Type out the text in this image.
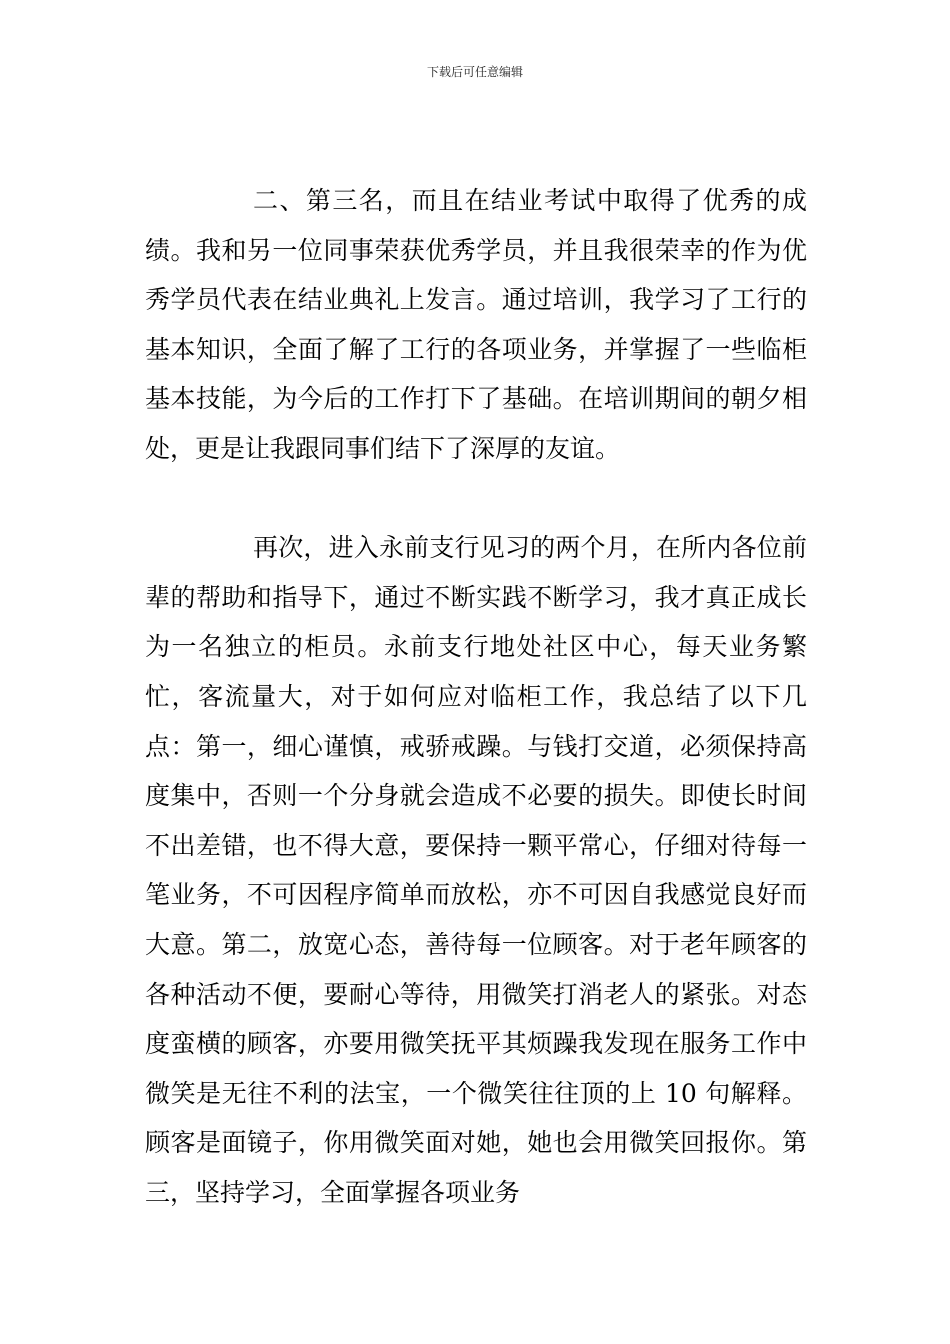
下载后可任意编辑

二、第三名，而且在结业考试中取得了优秀的成绩。我和另一位同事荣获优秀学员，并且我很荣幸的作为优秀学员代表在结业典礼上发言。通过培训，我学习了工行的基本知识，全面了解了工行的各项业务，并掌握了一些临柜基本技能，为今后的工作打下了基础。在培训期间的朝夕相处，更是让我跟同事们结下了深厚的友谊。

再次，进入永前支行见习的两个月，在所内各位前辈的帮助和指导下，通过不断实践不断学习，我才真正成长为一名独立的柜员。永前支行地处社区中心，每天业务繁忙，客流量大，对于如何应对临柜工作，我总结了以下几点：第一，细心谨慎，戒骄戒躁。与钱打交道，必须保持高度集中，否则一个分身就会造成不必要的损失。即使长时间不出差错，也不得大意，要保持一颗平常心，仔细对待每一笔业务，不可因程序简单而放松，亦不可因自我感觉良好而大意。第二，放宽心态，善待每一位顾客。对于老年顾客的各种活动不便，要耐心等待，用微笑打消老人的紧张。对态度蛮横的顾客，亦要用微笑抚平其烦躁我发现在服务工作中微笑是无往不利的法宝，一个微笑往往顶的上 10 句解释。顾客是面镜子，你用微笑面对她，她也会用微笑回报你。第三，坚持学习，全面掌握各项业务
